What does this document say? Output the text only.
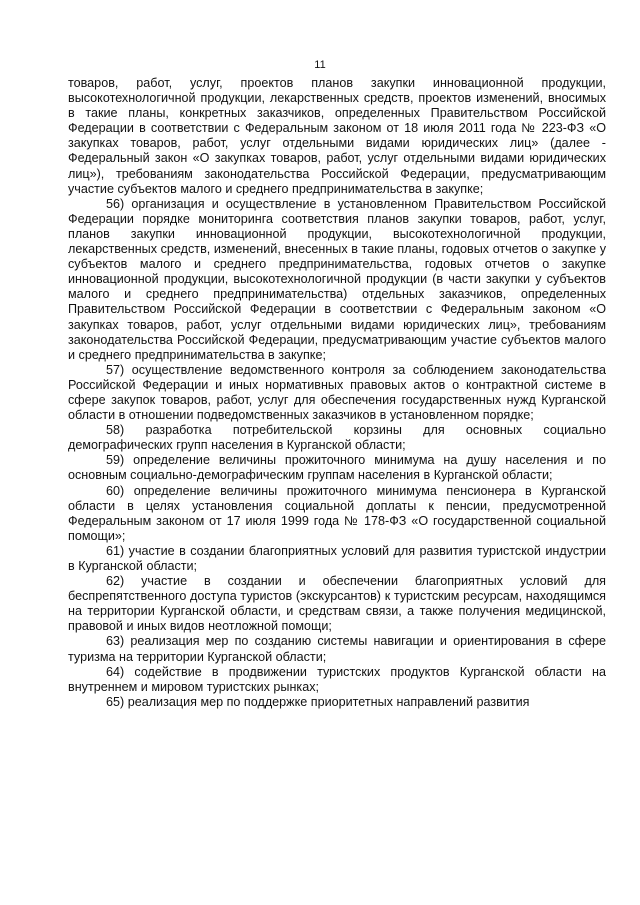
11

товаров, работ, услуг, проектов планов закупки инновационной продукции, высокотехнологичной продукции, лекарственных средств, проектов изменений, вносимых в такие планы, конкретных заказчиков, определенных Правительством Российской Федерации в соответствии с Федеральным законом от 18 июля 2011 года № 223-ФЗ «О закупках товаров, работ, услуг отдельными видами юридических лиц» (далее - Федеральный закон «О закупках товаров, работ, услуг отдельными видами юридических лиц»), требованиям законодательства Российской Федерации, предусматривающим участие субъектов малого и среднего предпринимательства в закупке;

56) организация и осуществление в установленном Правительством Российской Федерации порядке мониторинга соответствия планов закупки товаров, работ, услуг, планов закупки инновационной продукции, высокотехнологичной продукции, лекарственных средств, изменений, внесенных в такие планы, годовых отчетов о закупке у субъектов малого и среднего предпринимательства, годовых отчетов о закупке инновационной продукции, высокотехнологичной продукции (в части закупки у субъектов малого и среднего предпринимательства) отдельных заказчиков, определенных Правительством Российской Федерации в соответствии с Федеральным законом «О закупках товаров, работ, услуг отдельными видами юридических лиц», требованиям законодательства Российской Федерации, предусматривающим участие субъектов малого и среднего предпринимательства в закупке;

57) осуществление ведомственного контроля за соблюдением законодательства Российской Федерации и иных нормативных правовых актов о контрактной системе в сфере закупок товаров, работ, услуг для обеспечения государственных нужд Курганской области в отношении подведомственных заказчиков в установленном порядке;

58) разработка потребительской корзины для основных социально демографических групп населения в Курганской области;

59) определение величины прожиточного минимума на душу населения и по основным социально-демографическим группам населения в Курганской области;

60) определение величины прожиточного минимума пенсионера в Курганской области в целях установления социальной доплаты к пенсии, предусмотренной Федеральным законом от 17 июля 1999 года № 178-ФЗ «О государственной социальной помощи»;

61) участие в создании благоприятных условий для развития туристской индустрии в Курганской области;

62) участие в создании и обеспечении благоприятных условий для беспрепятственного доступа туристов (экскурсантов) к туристским ресурсам, находящимся на территории Курганской области, и средствам связи, а также получения медицинской, правовой и иных видов неотложной помощи;

63) реализация мер по созданию системы навигации и ориентирования в сфере туризма на территории Курганской области;

64) содействие в продвижении туристских продуктов Курганской области на внутреннем и мировом туристских рынках;

65) реализация мер по поддержке приоритетных направлений развития
